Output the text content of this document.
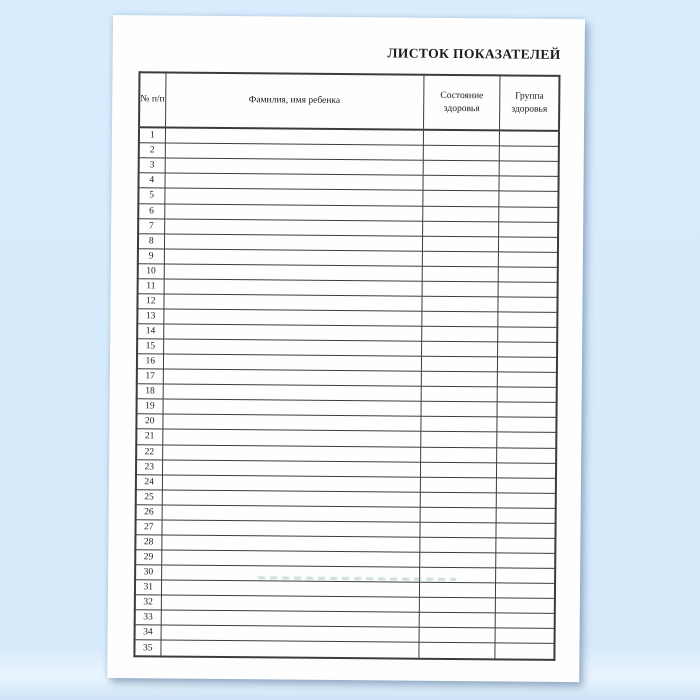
ЛИСТОК ПОКАЗАТЕЛЕЙ
№ п/п	Фамилия, имя ребенка	Состояние здоровья	Группа здоровья
1			
2			
3			
4			
5			
6			
7			
8			
9			
10			
11			
12			
13			
14			
15			
16			
17			
18			
19			
20			
21			
22			
23			
24			
25			
26			
27			
28			
29			
30			
31			
32			
33			
34			
35			
